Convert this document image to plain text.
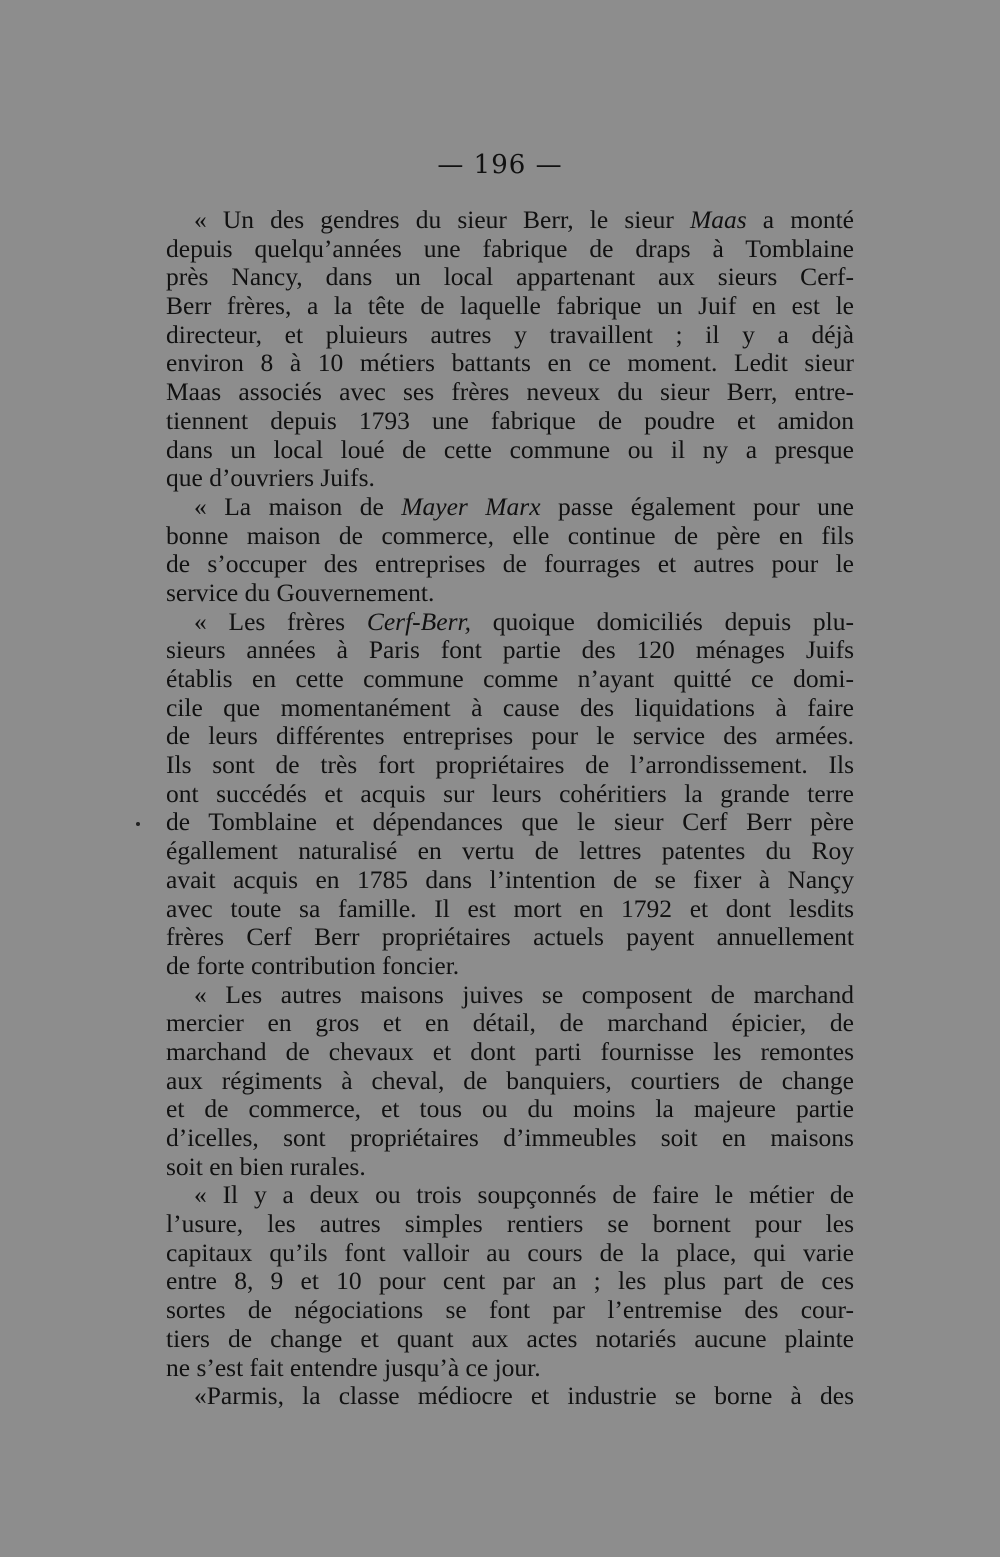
— 196 —
« Un des gendres du sieur Berr, le sieur Maas a monté
depuis quelqu’années une fabrique de draps à Tomblaine
près Nancy, dans un local appartenant aux sieurs Cerf-
Berr frères, a la tête de laquelle fabrique un Juif en est le
directeur, et pluieurs autres y travaillent ; il y a déjà
environ 8 à 10 métiers battants en ce moment. Ledit sieur
Maas associés avec ses frères neveux du sieur Berr, entre-
tiennent depuis 1793 une fabrique de poudre et amidon
dans un local loué de cette commune ou il ny a presque
que d’ouvriers Juifs.
« La maison de Mayer Marx passe également pour une
bonne maison de commerce, elle continue de père en fils
de s’occuper des entreprises de fourrages et autres pour le
service du Gouvernement.
« Les frères Cerf-Berr, quoique domiciliés depuis plu-
sieurs années à Paris font partie des 120 ménages Juifs
établis en cette commune comme n’ayant quitté ce domi-
cile que momentanément à cause des liquidations à faire
de leurs différentes entreprises pour le service des armées.
Ils sont de très fort propriétaires de l’arrondissement. Ils
ont succédés et acquis sur leurs cohéritiers la grande terre
de Tomblaine et dépendances que le sieur Cerf Berr père
égallement naturalisé en vertu de lettres patentes du Roy
avait acquis en 1785 dans l’intention de se fixer à Nançy
avec toute sa famille. Il est mort en 1792 et dont lesdits
frères Cerf Berr propriétaires actuels payent annuellement
de forte contribution foncier.
« Les autres maisons juives se composent de marchand
mercier en gros et en détail, de marchand épicier, de
marchand de chevaux et dont parti fournisse les remontes
aux régiments à cheval, de banquiers, courtiers de change
et de commerce, et tous ou du moins la majeure partie
d’icelles, sont propriétaires d’immeubles soit en maisons
soit en bien rurales.
« Il y a deux ou trois soupçonnés de faire le métier de
l’usure, les autres simples rentiers se bornent pour les
capitaux qu’ils font valloir au cours de la place, qui varie
entre 8, 9 et 10 pour cent par an ; les plus part de ces
sortes de négociations se font par l’entremise des cour-
tiers de change et quant aux actes notariés aucune plainte
ne s’est fait entendre jusqu’à ce jour.
«Parmis, la classe médiocre et industrie se borne à des
